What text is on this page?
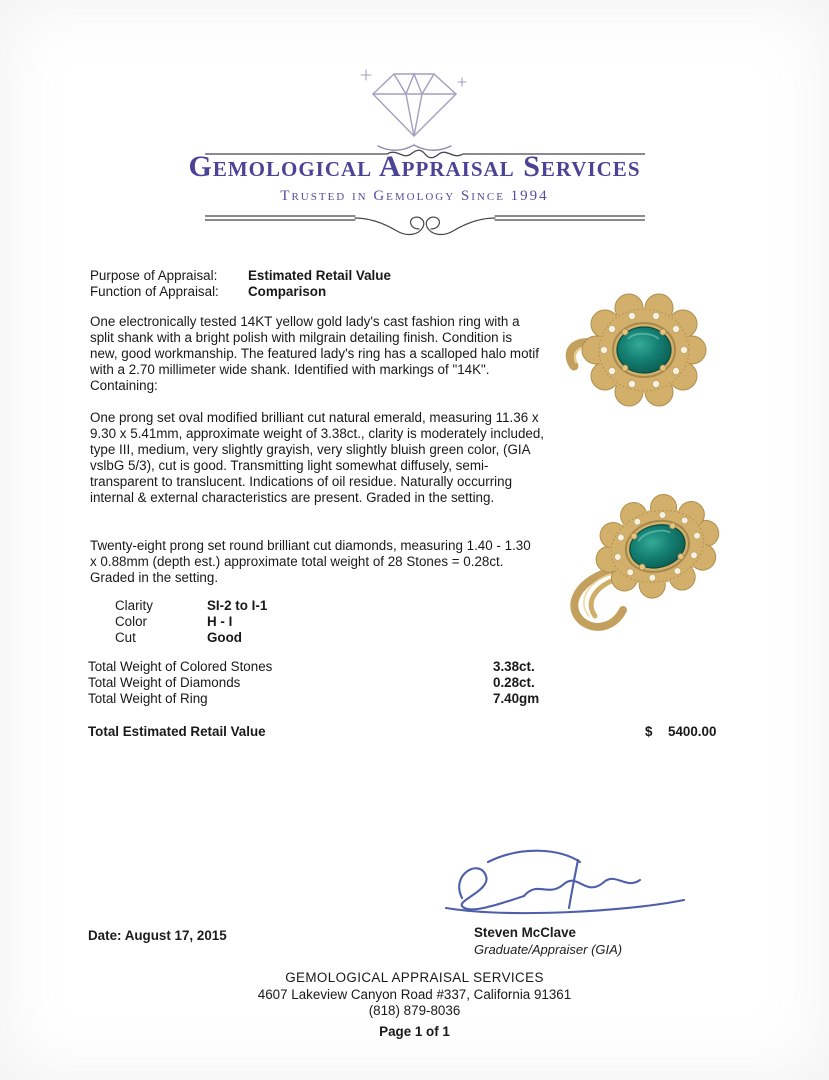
Gemological Appraisal Services
Trusted in Gemology Since 1994
Purpose of Appraisal:	Estimated Retail Value
Function of Appraisal:	Comparison

One electronically tested 14KT yellow gold lady's cast fashion ring with a split shank with a bright polish with milgrain detailing finish. Condition is new, good workmanship. The featured lady's ring has a scalloped halo motif with a 2.70 millimeter wide shank. Identified with markings of "14K". Containing:

One prong set oval modified brilliant cut natural emerald, measuring 11.36 x 9.30 x 5.41mm, approximate weight of 3.38ct., clarity is moderately included, type III, medium, very slightly grayish, very slightly bluish green color, (GIA vslbG 5/3), cut is good. Transmitting light somewhat diffusely, semi-transparent to translucent. Indications of oil residue. Naturally occurring internal & external characteristics are present. Graded in the setting.

Twenty-eight prong set round brilliant cut diamonds, measuring 1.40 - 1.30 x 0.88mm (depth est.) approximate total weight of 28 Stones = 0.28ct. Graded in the setting.

Clarity	SI-2 to I-1
Color	H - I
Cut	Good
Total Weight of Colored Stones	3.38ct.
Total Weight of Diamonds	0.28ct.
Total Weight of Ring	7.40gm
Total Estimated Retail Value	$ 5400.00
Steven McClave
Graduate/Appraiser (GIA)
Date: August 17, 2015
GEMOLOGICAL APPRAISAL SERVICES
4607 Lakeview Canyon Road #337, California 91361
(818) 879-8036
Page 1 of 1
